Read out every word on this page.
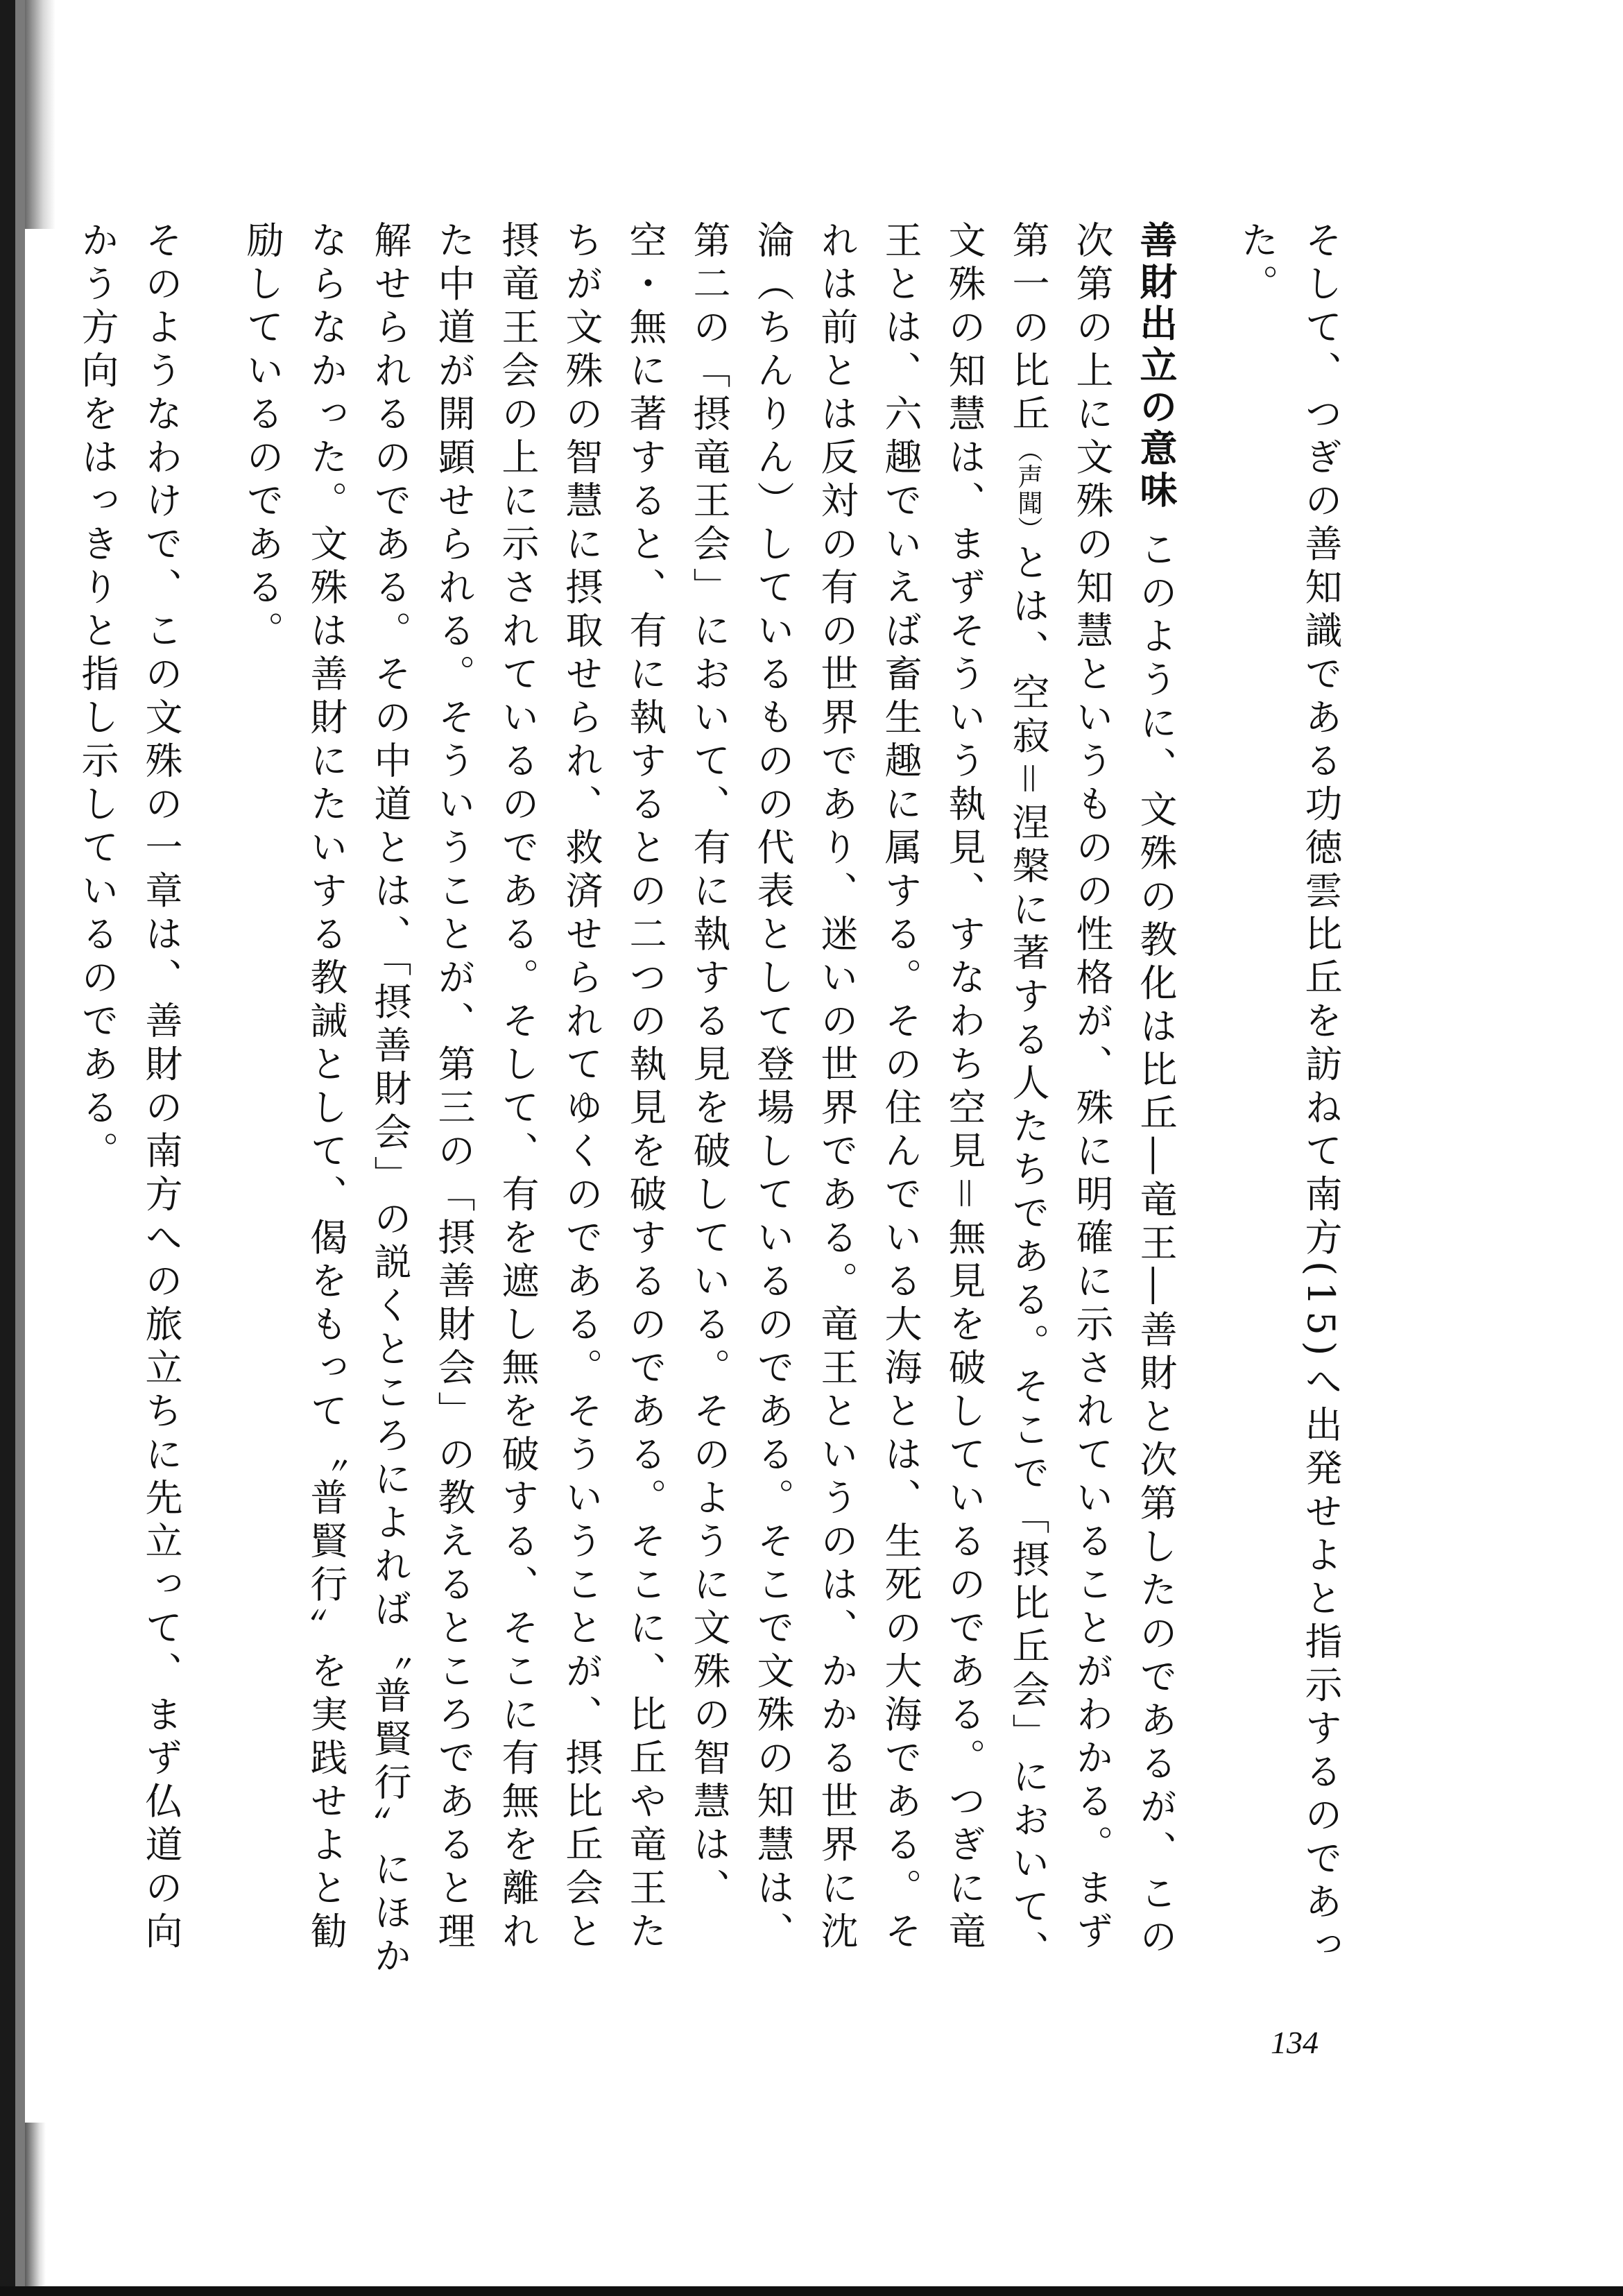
そして、つぎの善知識である功徳雲比丘を訪ねて南方(15)へ出発せよと指示するのであった。

善財出立の意味 このように、文殊の教化は比丘―竜王―善財と次第したのであるが、この次第の上に文殊の知慧というものの性格が、殊に明確に示されていることがわかる。まず第一の比丘（声聞）とは、空寂＝涅槃に著する人たちである。そこで「摂比丘会」において、文殊の知慧は、まずそういう執見、すなわち空見＝無見を破しているのである。つぎに竜王とは、六趣でいえば畜生趣に属する。その住んでいる大海とは、生死の大海である。それは前とは反対の有の世界であり、迷いの世界である。竜王というのは、かかる世界に沈淪（ちんりん）しているものの代表として登場しているのである。そこで文殊の知慧は、第二の「摂竜王会」において、有に執する見を破している。そのように文殊の智慧は、空・無に著すると、有に執するとの二つの執見を破するのである。そこに、比丘や竜王たちが文殊の智慧に摂取せられ、救済せられてゆくのである。そういうことが、摂比丘会と摂竜王会の上に示されているのである。そして、有を遮し無を破する、そこに有無を離れた中道が開顕せられる。そういうことが、第三の「摂善財会」の教えるところであると理解せられるのである。その中道とは、「摂善財会」の説くところによれば〝普賢行〟にほかならなかった。文殊は善財にたいする教誡として、偈をもって〝普賢行〟を実践せよと勧励しているのである。

そのようなわけで、この文殊の一章は、善財の南方への旅立ちに先立って、まず仏道の向かう方向をはっきりと指し示しているのである。

134
